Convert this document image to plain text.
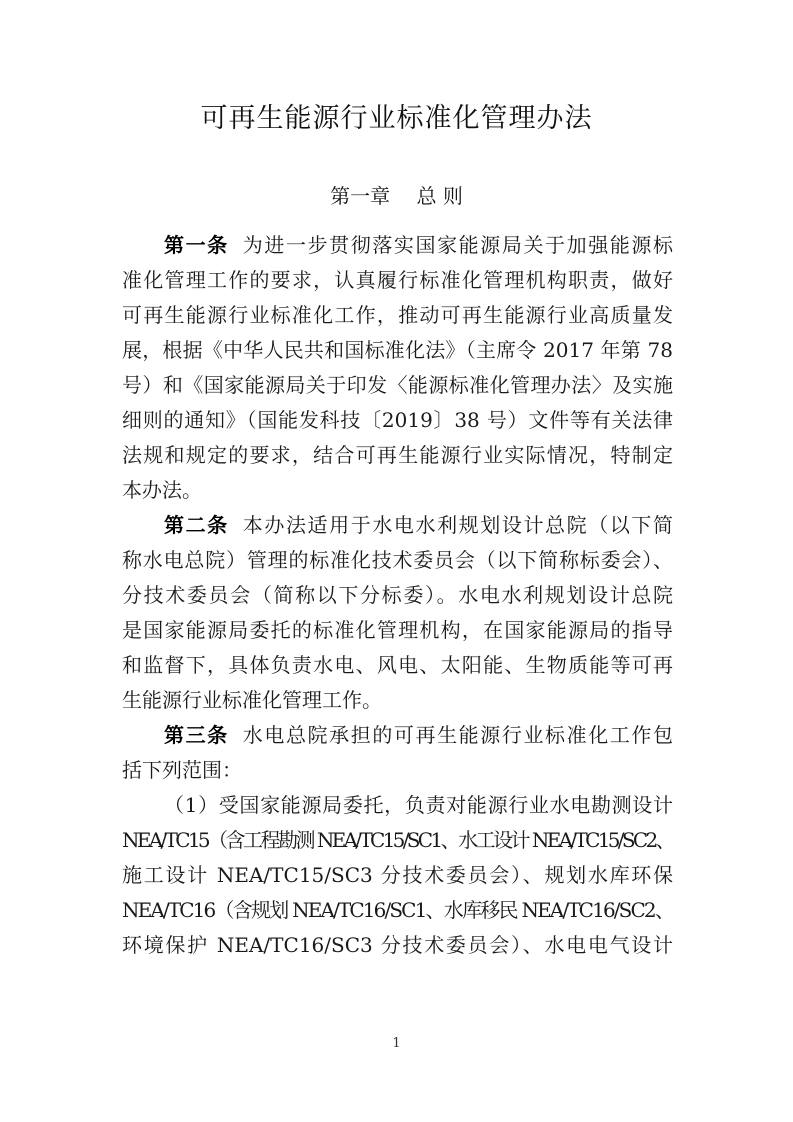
可再生能源行业标准化管理办法
第一章　 总 则
第一条 为进一步贯彻落实国家能源局关于加强能源标
准化管理工作的要求，认真履行标准化管理机构职责，做好
可再生能源行业标准化工作，推动可再生能源行业高质量发
展，根据《中华人民共和国标准化法》（主席令 2017 年第 78
号）和《国家能源局关于印发〈能源标准化管理办法〉及实施
细则的通知》（国能发科技〔2019〕38 号）文件等有关法律
法规和规定的要求，结合可再生能源行业实际情况，特制定
本办法。
第二条 本办法适用于水电水利规划设计总院（以下简
称水电总院）管理的标准化技术委员会（以下简称标委会）、
分技术委员会（简称以下分标委）。水电水利规划设计总院
是国家能源局委托的标准化管理机构，在国家能源局的指导
和监督下，具体负责水电、风电、太阳能、生物质能等可再
生能源行业标准化管理工作。
第三条 水电总院承担的可再生能源行业标准化工作包
括下列范围：
（1）受国家能源局委托，负责对能源行业水电勘测设计
NEA/TC15（含工程勘测 NEA/TC15/SC1、水工设计 NEA/TC15/SC2、
施工设计 NEA/TC15/SC3 分技术委员会）、规划水库环保
NEA/TC16（含规划 NEA/TC16/SC1、水库移民 NEA/TC16/SC2、
环境保护 NEA/TC16/SC3 分技术委员会）、水电电气设计
1
